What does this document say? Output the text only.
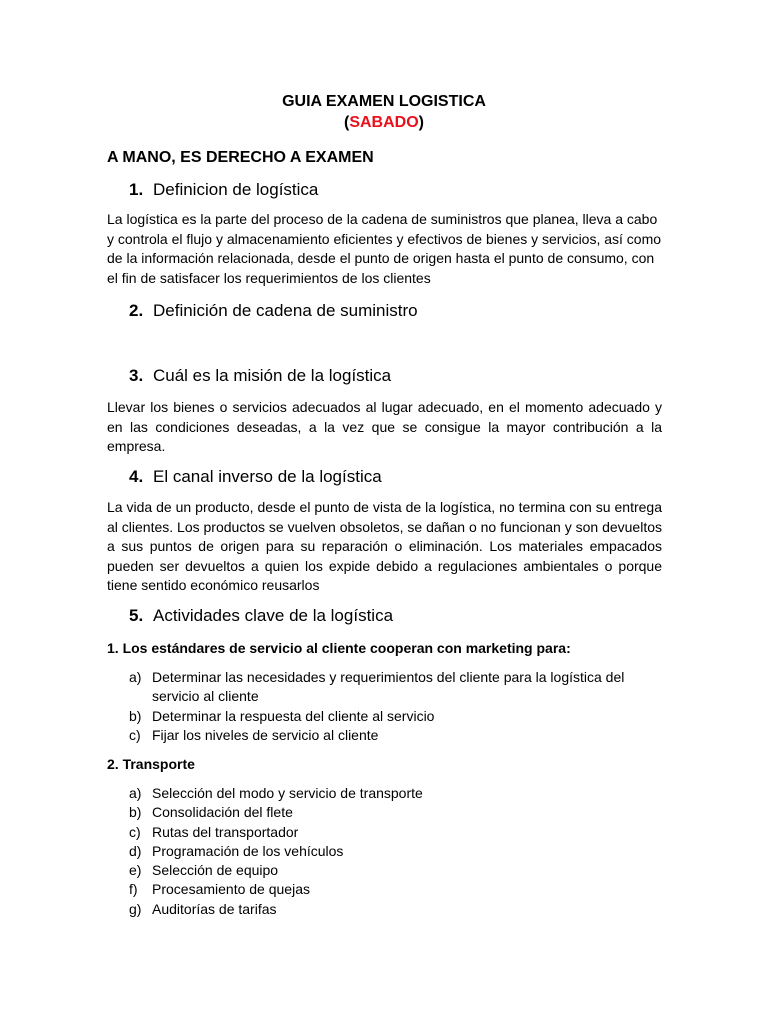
GUIA EXAMEN LOGISTICA
(SABADO)
A MANO, ES DERECHO A EXAMEN
1. Definicion de logística
La logística es la parte del proceso de la cadena de suministros que planea, lleva a cabo y controla el flujo y almacenamiento eficientes y efectivos de bienes y servicios, así como de la información relacionada, desde el punto de origen hasta el punto de consumo, con el fin de satisfacer los requerimientos de los clientes
2. Definición de cadena de suministro
3. Cuál es la misión de la logística
Llevar los bienes o servicios adecuados al lugar adecuado, en el momento adecuado y en las condiciones deseadas, a la vez que se consigue la mayor contribución a la empresa.
4. El canal inverso de la logística
La vida de un producto, desde el punto de vista de la logística, no termina con su entrega al clientes. Los productos se vuelven obsoletos, se dañan o no funcionan y son devueltos a sus puntos de origen para su reparación o eliminación. Los materiales empacados pueden ser devueltos a quien los expide debido a regulaciones ambientales o porque tiene sentido económico reusarlos
5. Actividades clave de la logística
1. Los estándares de servicio al cliente cooperan con marketing para:
a) Determinar las necesidades y requerimientos del cliente para la logística del servicio al cliente
b) Determinar la respuesta del cliente al servicio
c) Fijar los niveles de servicio al cliente
2. Transporte
a) Selección del modo y servicio de transporte
b) Consolidación del flete
c) Rutas del transportador
d) Programación de los vehículos
e) Selección de equipo
f) Procesamiento de quejas
g) Auditorías de tarifas
